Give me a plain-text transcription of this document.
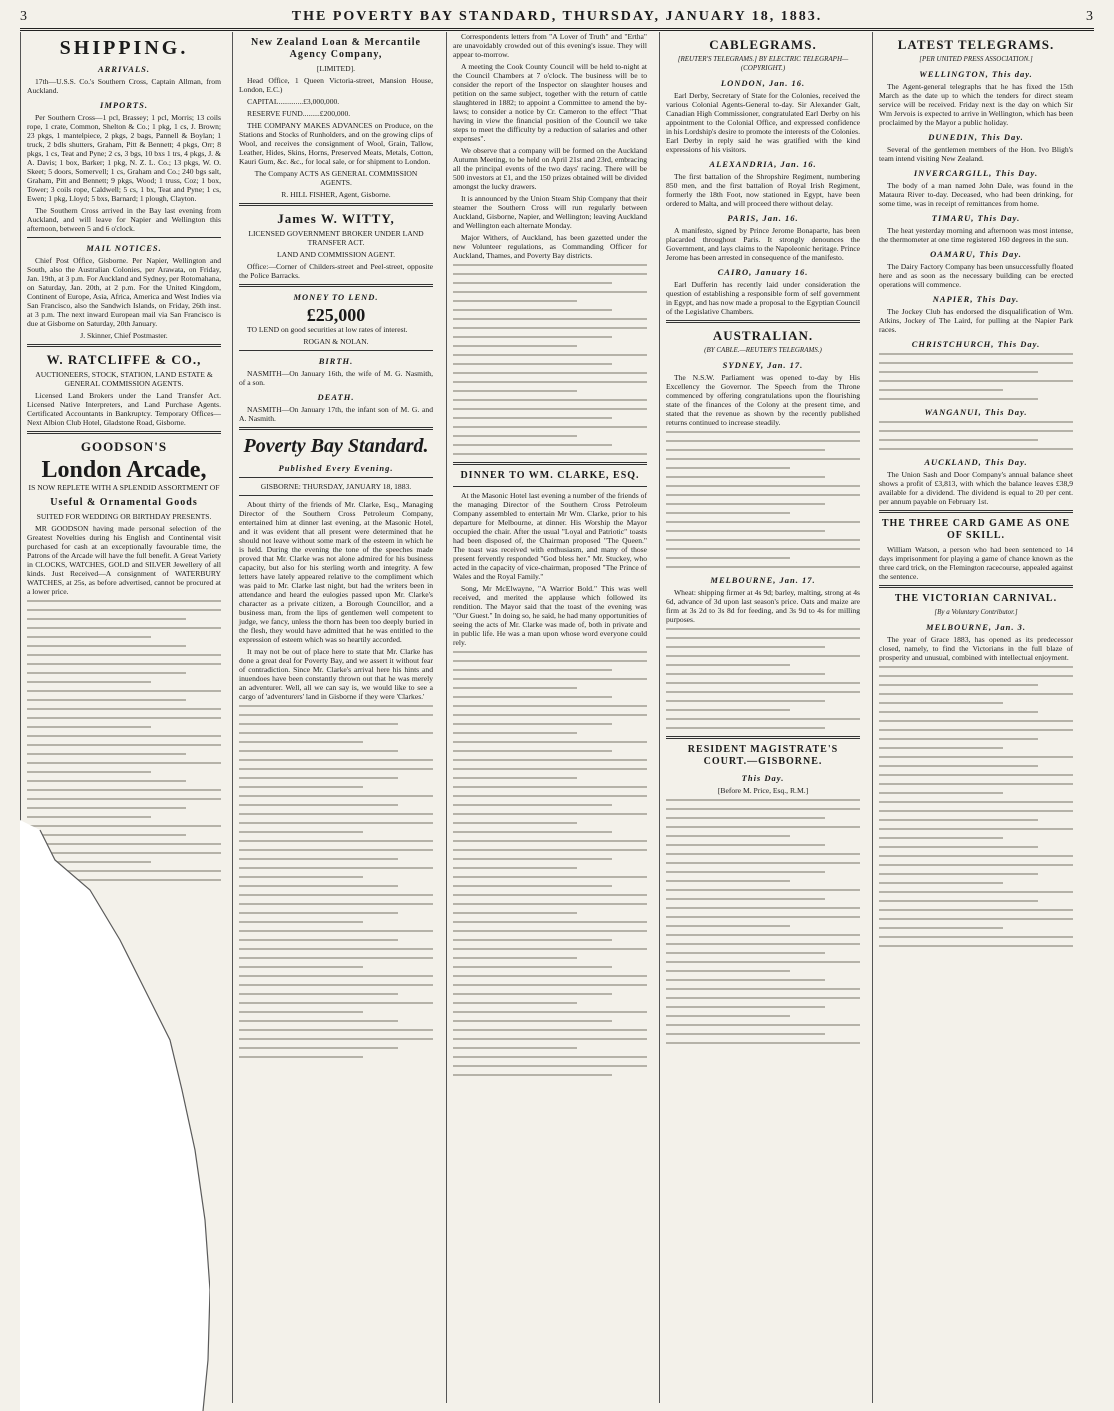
3	THE POVERTY BAY STANDARD, THURSDAY, JANUARY 18, 1883.	3
SHIPPING.
ARRIVALS.

17th—U.S.S. Co.'s Southern Cross, Captain Allman, from Auckland.

IMPORTS.

Per Southern Cross—1 pcl, Brassey; 1 pcl, Morris; 13 coils rope, 1 crate, Common, Shelton & Co.; 1 pkg, 1 cs, J. Brown; 23 pkgs, 1 mantelpiece, 2 pkgs, 2 bags, Pannell & Boylan; 1 truck, 2 bdls shutters, Graham, Pitt & Bennett; 4 pkgs, Orr; 8 pkgs, 1 cs, Teat and Pyne; 2 cs, 3 bgs, 10 bxs 1 trs, 4 pkgs, J. & A. Davis; 1 box, Barker; 1 pkg, N. Z. L. Co.; 13 pkgs, W. O. Skeet; 5 doors, Somervell; 1 cs, Graham and Co.; 240 bgs salt, Graham, Pitt and Bennett; 9 pkgs, Wood; 1 truss, Coz; 1 box, Tower; 3 coils rope, Caldwell; 5 cs, 1 bx, Teat and Pyne; 1 cs, Ewen; 1 pkg, Lloyd; 5 bxs, Barnard; 1 plough, Clayton.

The Southern Cross arrived in the Bay last evening from Auckland, and will leave for Napier and Wellington this afternoon, between 5 and 6 o'clock.

MAIL NOTICES.

Chief Post Office, Gisborne. Per Napier, Wellington and South, also the Australian Colonies, per Arawata, on Friday, Jan. 19th, at 3 p.m. For Auckland and Sydney, per Rotomahana, on Saturday, Jan. 20th, at 2 p.m. For the United Kingdom, Continent of Europe, Asia, Africa, America and West Indies via San Francisco, also the Sandwich Islands, on Friday, 26th inst. at 3 p.m. The next inward European mail via San Francisco is due at Gisborne on Saturday, 20th January.

J. Skinner, Chief Postmaster.

W. RATCLIFFE & CO.,

AUCTIONEERS, STOCK, STATION, LAND ESTATE & GENERAL COMMISSION AGENTS.

Licensed Land Brokers under the Land Transfer Act. Licensed Native Interpreters, and Land Purchase Agents. Certificated Accountants in Bankruptcy. Temporary Offices—Next Albion Club Hotel, Gladstone Road, Gisborne.

GOODSON'S
London Arcade,

IS NOW REPLETE WITH A SPLENDID ASSORTMENT OF

Useful & Ornamental Goods

SUITED FOR WEDDING OR BIRTHDAY PRESENTS.

MR GOODSON having made personal selection of the Greatest Novelties during his English and Continental visit purchased for cash at an exceptionally favourable time, the Patrons of the Arcade will have the full benefit. A Great Variety in CLOCKS, WATCHES, GOLD and SILVER Jewellery of all kinds. Just Received—A consignment of WATERBURY WATCHES, at 25s, as before advertised, cannot be procured at a lower price.

New Zealand Loan & Mercantile Agency Company,

[LIMITED].

Head Office, 1 Queen Victoria-street, Mansion House, London, E.C.)

CAPITAL.............£3,000,000.

RESERVE FUND.........£200,000.

THE COMPANY MAKES ADVANCES on Produce, on the Stations and Stocks of Runholders, and on the growing clips of Wool, and receives the consignment of Wool, Grain, Tallow, Leather, Hides, Skins, Horns, Preserved Meats, Metals, Cotton, Kauri Gum, &c. &c., for local sale, or for shipment to London.

The Company ACTS AS GENERAL COMMISSION AGENTS.

R. HILL FISHER, Agent, Gisborne.

James W. WITTY,

LICENSED GOVERNMENT BROKER UNDER LAND TRANSFER ACT.

LAND AND COMMISSION AGENT.

Office:—Corner of Childers-street and Peel-street, opposite the Police Barracks.

MONEY TO LEND.
£25,000

TO LEND on good securities at low rates of interest.

ROGAN & NOLAN.

BIRTH.

NASMITH—On January 16th, the wife of M. G. Nasmith, of a son.

DEATH.

NASMITH—On January 17th, the infant son of M. G. and A. Nasmith.

Poverty Bay Standard.
Published Every Evening.

GISBORNE: THURSDAY, JANUARY 18, 1883.

About thirty of the friends of Mr. Clarke, Esq., Managing Director of the Southern Cross Petroleum Company, entertained him at dinner last evening, at the Masonic Hotel, and it was evident that all present were determined that he should not leave without some mark of the esteem in which he is held. During the evening the tone of the speeches made proved that Mr. Clarke was not alone admired for his business capacity, but also for his sterling worth and integrity. A few letters have lately appeared relative to the compliment which was paid to Mr. Clarke last night, but had the writers been in attendance and heard the eulogies passed upon Mr. Clarke's character as a private citizen, a Borough Councillor, and a business man, from the lips of gentlemen well competent to judge, we fancy, unless the thorn has been too deeply buried in the flesh, they would have admitted that he was entitled to the expression of esteem which was so heartily accorded.

It may not be out of place here to state that Mr. Clarke has done a great deal for Poverty Bay, and we assert it without fear of contradiction. Since Mr. Clarke's arrival here his hints and inuendoes have been constantly thrown out that he was merely an adventurer. Well, all we can say is, we would like to see a cargo of 'adventurers' land in Gisborne if they were 'Clarkes.'

Correspondents letters from "A Lover of Truth" and "Ertha" are unavoidably crowded out of this evening's issue. They will appear to-morrow.

A meeting the Cook County Council will be held to-night at the Council Chambers at 7 o'clock. The business will be to consider the report of the Inspector on slaughter houses and petition on the same subject, together with the return of cattle slaughtered in 1882; to appoint a Committee to amend the by-laws; to consider a notice by Cr. Cameron to the effect "That having in view the financial position of the Council we take steps to meet the difficulty by a reduction of salaries and other expenses".

We observe that a company will be formed on the Auckland Autumn Meeting, to be held on April 21st and 23rd, embracing all the principal events of the two days' racing. There will be 500 investors at £1, and the 150 prizes obtained will be divided amongst the lucky drawers.

It is announced by the Union Steam Ship Company that their steamer the Southern Cross will run regularly between Auckland, Gisborne, Napier, and Wellington; leaving Auckland and Wellington each alternate Monday.

Major Withers, of Auckland, has been gazetted under the new Volunteer regulations, as Commanding Officer for Auckland, Thames, and Poverty Bay districts.

DINNER TO WM. CLARKE, ESQ.

At the Masonic Hotel last evening a number of the friends of the managing Director of the Southern Cross Petroleum Company assembled to entertain Mr Wm. Clarke, prior to his departure for Melbourne, at dinner. His Worship the Mayor occupied the chair. After the usual "Loyal and Patriotic" toasts had been disposed of, the Chairman proposed "The Queen." The toast was received with enthusiasm, and many of those present fervently responded "God bless her." Mr. Stuckey, who acted in the capacity of vice-chairman, proposed "The Prince of Wales and the Royal Family."

Song, Mr McElwayne, "A Warrior Bold." This was well received, and merited the applause which followed its rendition. The Mayor said that the toast of the evening was "Our Guest." In doing so, he said, he had many opportunities of seeing the acts of Mr. Clarke was made of, both in private and in public life. He was a man upon whose word everyone could rely.

CABLEGRAMS.
[REUTER'S TELEGRAMS.] BY ELECTRIC TELEGRAPH—(COPYRIGHT.)
LONDON, Jan. 16.

Earl Derby, Secretary of State for the Colonies, received the various Colonial Agents-General to-day. Sir Alexander Galt, Canadian High Commissioner, congratulated Earl Derby on his appointment to the Colonial Office, and expressed confidence in his Lordship's desire to promote the interests of the Colonies. Earl Derby in reply said he was gratified with the kind expressions of his visitors.

ALEXANDRIA, Jan. 16.

The first battalion of the Shropshire Regiment, numbering 850 men, and the first battalion of Royal Irish Regiment, formerly the 18th Foot, now stationed in Egypt, have been ordered to Malta, and will proceed there without delay.

PARIS, Jan. 16.

A manifesto, signed by Prince Jerome Bonaparte, has been placarded throughout Paris. It strongly denounces the Government, and lays claims to the Napoleonic heritage. Prince Jerome has been arrested in consequence of the manifesto.

CAIRO, January 16.

Earl Dufferin has recently laid under consideration the question of establishing a responsible form of self government in Egypt, and has now made a proposal to the Egyptian Council of the Legislative Chambers.

AUSTRALIAN.
(BY CABLE.—REUTER'S TELEGRAMS.)
SYDNEY, Jan. 17.

The N.S.W. Parliament was opened to-day by His Excellency the Governor. The Speech from the Throne commenced by offering congratulations upon the flourishing state of the finances of the Colony at the present time, and stated that the revenue as shown by the recently published returns continued to increase steadily.

MELBOURNE, Jan. 17.

Wheat: shipping firmer at 4s 9d; barley, malting, strong at 4s 6d, advance of 3d upon last season's price. Oats and maize are firm at 3s 2d to 3s 8d for feeding, and 3s 9d to 4s for milling purposes.

RESIDENT MAGISTRATE'S COURT.—GISBORNE.
This Day.

[Before M. Price, Esq., R.M.]

LATEST TELEGRAMS.
[PER UNITED PRESS ASSOCIATION.]
WELLINGTON, This day.

The Agent-general telegraphs that he has fixed the 15th March as the date up to which the tenders for direct steam service will be received. Friday next is the day on which Sir Wm Jervois is expected to arrive in Wellington, which has been proclaimed by the Mayor a public holiday.

DUNEDIN, This Day.

Several of the gentlemen members of the Hon. Ivo Bligh's team intend visiting New Zealand.

INVERCARGILL, This Day.

The body of a man named John Dale, was found in the Mataura River to-day. Deceased, who had been drinking, for some time, was in receipt of remittances from home.

TIMARU, This Day.

The heat yesterday morning and afternoon was most intense, the thermometer at one time registered 160 degrees in the sun.

OAMARU, This Day.

The Dairy Factory Company has been unsuccessfully floated here and as soon as the necessary building can be erected operations will commence.

NAPIER, This Day.

The Jockey Club has endorsed the disqualification of Wm. Atkins, Jockey of The Laird, for pulling at the Napier Park races.

CHRISTCHURCH, This Day.
WANGANUI, This Day.
AUCKLAND, This Day.

The Union Sash and Door Company's annual balance sheet shows a profit of £3,813, with which the balance leaves £38,9 available for a dividend. The dividend is equal to 20 per cent. per annum payable on February 1st.

THE THREE CARD GAME AS ONE OF SKILL.

William Watson, a person who had been sentenced to 14 days imprisonment for playing a game of chance known as the three card trick, on the Flemington racecourse, appealed against the sentence.

THE VICTORIAN CARNIVAL.
[By a Voluntary Contributor.]
MELBOURNE, Jan. 3.

The year of Grace 1883, has opened as its predecessor closed, namely, to find the Victorians in the full blaze of prosperity and unusual, combined with intellectual enjoyment.
